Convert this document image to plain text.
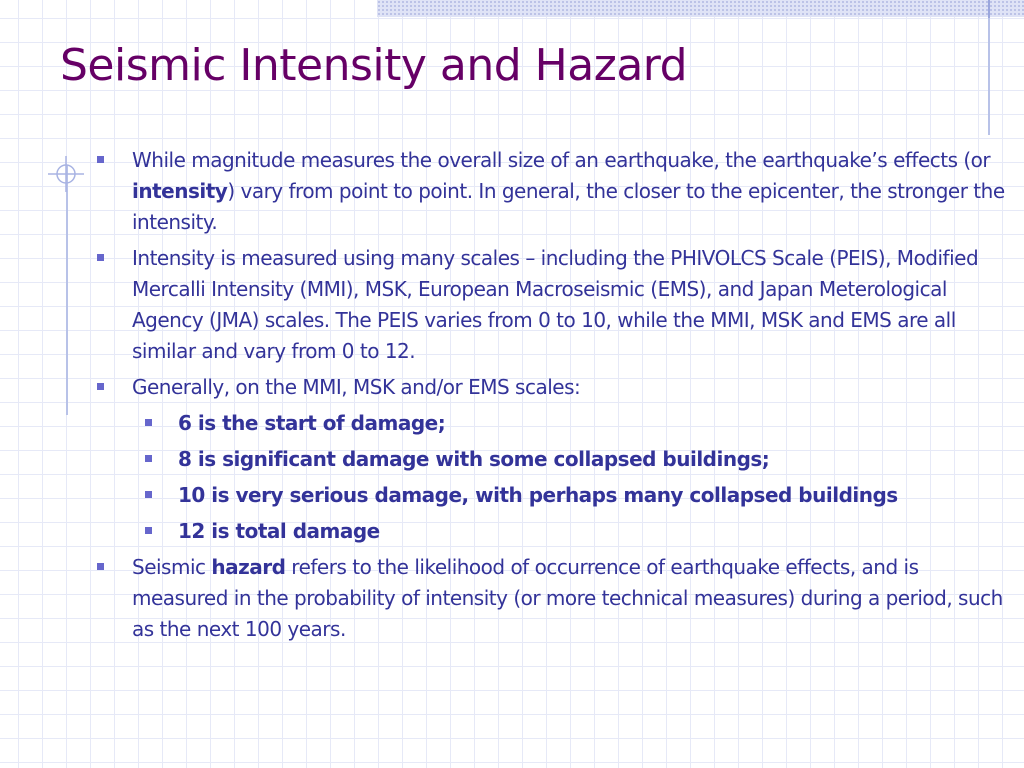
Seismic Intensity and Hazard
While magnitude measures the overall size of an earthquake, the earthquake’s effects (or intensity) vary from point to point. In general, the closer to the epicenter, the stronger the intensity.
Intensity is measured using many scales – including the PHIVOLCS Scale (PEIS), Modified Mercalli Intensity (MMI), MSK, European Macroseismic (EMS), and Japan Meterological Agency (JMA) scales. The PEIS varies from 0 to 10, while the MMI, MSK and EMS are all similar and vary from 0 to 12.
Generally, on the MMI, MSK and/or EMS scales:
6 is the start of damage;
8 is significant damage with some collapsed buildings;
10 is very serious damage, with perhaps many collapsed buildings
12 is total damage
Seismic hazard refers to the likelihood of occurrence of earthquake effects, and is measured in the probability of intensity (or more technical measures) during a period, such as the next 100 years.
